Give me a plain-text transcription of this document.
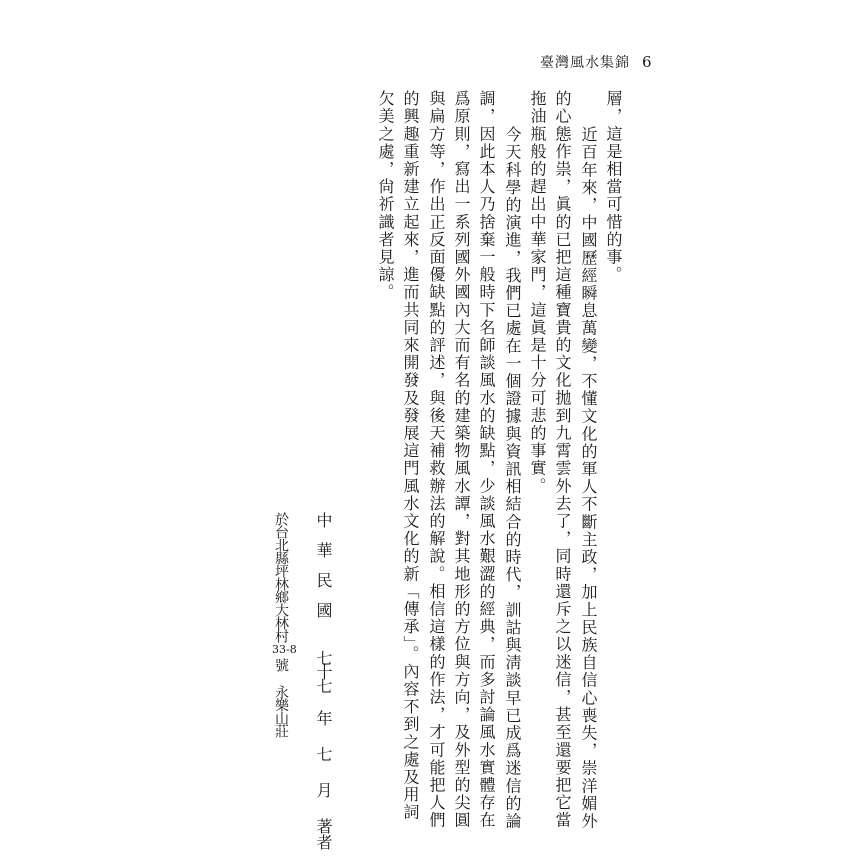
臺灣風水集錦 6
層，這是相當可惜的事。
近百年來，中國歷經瞬息萬變，不懂文化的軍人不斷主政，加上民族自信心喪失，崇洋媚外
的心態作祟，眞的已把這種寶貴的文化拋到九霄雲外去了，同時還斥之以迷信，甚至還要把它當
拖油瓶般的趕出中華家門，這眞是十分可悲的事實。
今天科學的演進，我們已處在一個證據與資訊相結合的時代，訓詁與淸談早已成爲迷信的論
調，因此本人乃捨棄一般時下名師談風水的缺點，少談風水艱澀的經典，而多討論風水實體存在
爲原則，寫出一系列國外國內大而有名的建築物風水譚，對其地形的方位與方向，及外型的尖圓
與扁方等，作出正反面優缺點的評述，與後天補救辦法的解說。相信這樣的作法，才可能把人們
的興趣重新建立起來，進而共同來開發及發展這門風水文化的新「傳承」。內容不到之處及用詞
欠美之處，尙祈識者見諒。
中華民國七十七年七月著者
於台北縣坪林鄉大林村33-8號永樂山莊
